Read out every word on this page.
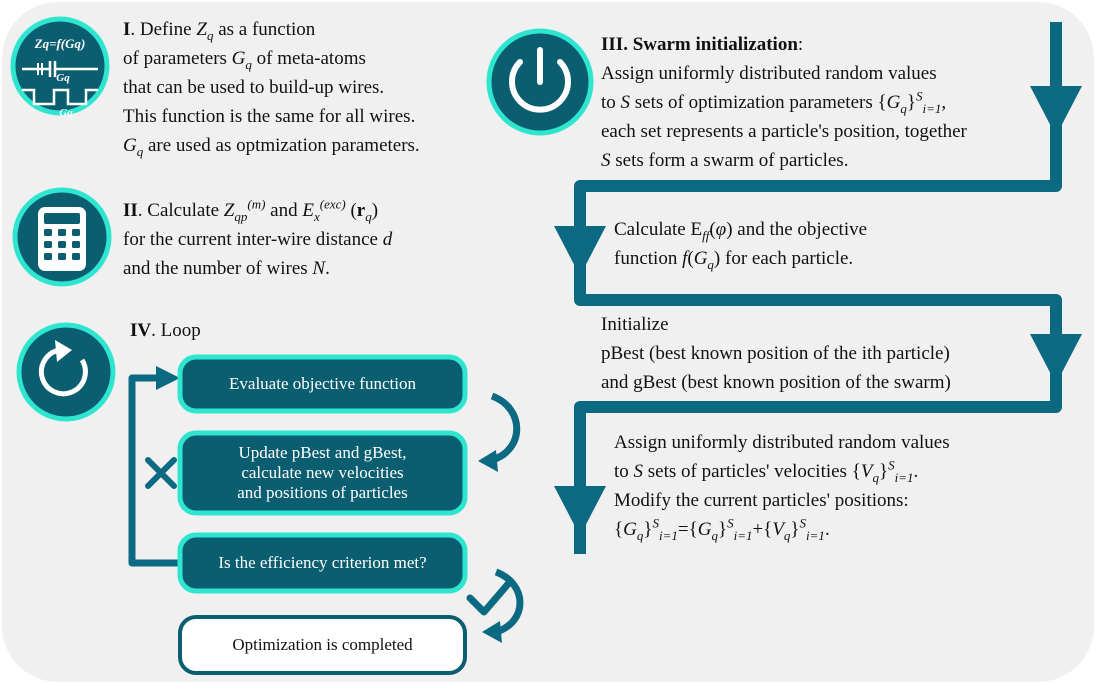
Zq=f(Gq)
Gq
Gq
I. Define $Z_q$ as a function
of parameters $G_q$ of meta-atoms
that can be used to build-up wires.
This function is the same for all wires.
$G_q$ are used as optmization parameters.
II. Calculate $Z_{qp}^{(m)}$ and $E_x^{(exc)}$ $(r_q)$
for the current inter-wire distance d
and the number of wires N.
III. Swarm initialization:
Assign uniformly distributed random values
to S sets of optimization parameters $\{G_q\}^S_{i=1}$,
each set represents a particle's position, together
S sets form a swarm of particles.
Calculate $E_{ff}(\varphi)$ and the objective
function $f(G_q)$ for each particle.
Initialize
pBest (best known position of the ith particle)
and gBest (best known position of the swarm)
Assign uniformly distributed random values
to S sets of particles' velocities $\{V_q\}^S_{i=1}$.
Modify the current particles' positions:
$\{G_q\}^S_{i=1}=\{G_q\}^S_{i=1}+\{V_q\}^S_{i=1}$.
IV. Loop
Evaluate objective function
Update pBest and gBest,
calculate new velocities
and positions of particles
Is the efficiency criterion met?
Optimization is completed
